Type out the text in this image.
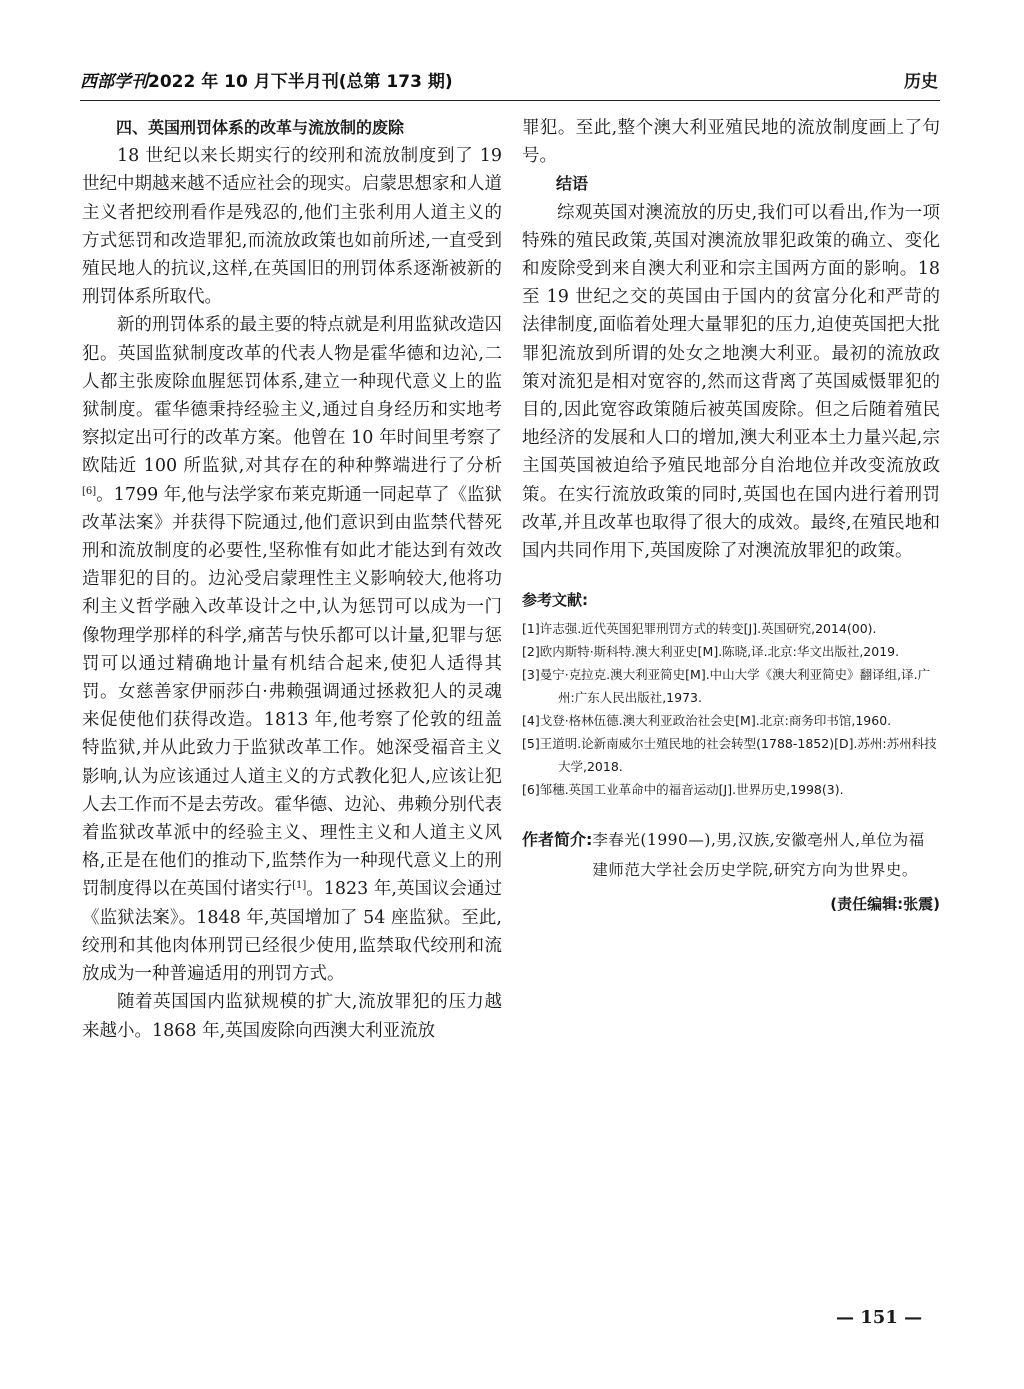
西部学刊2022 年 10 月下半月刊(总第 173 期)	历史

四、英国刑罚体系的改革与流放制的废除

18 世纪以来长期实行的绞刑和流放制度到了 19 世纪中期越来越不适应社会的现实。启蒙思想家和人道主义者把绞刑看作是残忍的,他们主张利用人道主义的方式惩罚和改造罪犯,而流放政策也如前所述,一直受到殖民地人的抗议,这样,在英国旧的刑罚体系逐渐被新的刑罚体系所取代。

新的刑罚体系的最主要的特点就是利用监狱改造囚犯。英国监狱制度改革的代表人物是霍华德和边沁,二人都主张废除血腥惩罚体系,建立一种现代意义上的监狱制度。霍华德秉持经验主义,通过自身经历和实地考察拟定出可行的改革方案。他曾在 10 年时间里考察了欧陆近 100 所监狱,对其存在的种种弊端进行了分析[6]。1799 年,他与法学家布莱克斯通一同起草了《监狱改革法案》并获得下院通过,他们意识到由监禁代替死刑和流放制度的必要性,坚称惟有如此才能达到有效改造罪犯的目的。边沁受启蒙理性主义影响较大,他将功利主义哲学融入改革设计之中,认为惩罚可以成为一门像物理学那样的科学,痛苦与快乐都可以计量,犯罪与惩罚可以通过精确地计量有机结合起来,使犯人适得其罚。女慈善家伊丽莎白·弗赖强调通过拯救犯人的灵魂来促使他们获得改造。1813 年,他考察了伦敦的纽盖特监狱,并从此致力于监狱改革工作。她深受福音主义影响,认为应该通过人道主义的方式教化犯人,应该让犯人去工作而不是去劳改。霍华德、边沁、弗赖分别代表着监狱改革派中的经验主义、理性主义和人道主义风格,正是在他们的推动下,监禁作为一种现代意义上的刑罚制度得以在英国付诸实行[1]。1823 年,英国议会通过《监狱法案》。1848 年,英国增加了 54 座监狱。至此,绞刑和其他肉体刑罚已经很少使用,监禁取代绞刑和流放成为一种普遍适用的刑罚方式。

随着英国国内监狱规模的扩大,流放罪犯的压力越来越小。1868 年,英国废除向西澳大利亚流放

罪犯。至此,整个澳大利亚殖民地的流放制度画上了句号。

结语

综观英国对澳流放的历史,我们可以看出,作为一项特殊的殖民政策,英国对澳流放罪犯政策的确立、变化和废除受到来自澳大利亚和宗主国两方面的影响。18 至 19 世纪之交的英国由于国内的贫富分化和严苛的法律制度,面临着处理大量罪犯的压力,迫使英国把大批罪犯流放到所谓的处女之地澳大利亚。最初的流放政策对流犯是相对宽容的,然而这背离了英国威慑罪犯的目的,因此宽容政策随后被英国废除。但之后随着殖民地经济的发展和人口的增加,澳大利亚本土力量兴起,宗主国英国被迫给予殖民地部分自治地位并改变流放政策。在实行流放政策的同时,英国也在国内进行着刑罚改革,并且改革也取得了很大的成效。最终,在殖民地和国内共同作用下,英国废除了对澳流放罪犯的政策。

参考文献:

[1]许志强.近代英国犯罪刑罚方式的转变[J].英国研究,2014(00).

[2]欧内斯特·斯科特.澳大利亚史[M].陈晓,译.北京:华文出版社,2019.

[3]曼宁·克拉克.澳大利亚简史[M].中山大学《澳大利亚简史》翻译组,译.广州:广东人民出版社,1973.

[4]戈登·格林伍德.澳大利亚政治社会史[M].北京:商务印书馆,1960.

[5]王道明.论新南威尔士殖民地的社会转型(1788-1852)[D].苏州:苏州科技大学,2018.

[6]邹穗.英国工业革命中的福音运动[J].世界历史,1998(3).

作者简介: 李春光(1990—),男,汉族,安徽亳州人,单位为福建师范大学社会历史学院,研究方向为世界史。
(责任编辑:张震)
— 151 —
